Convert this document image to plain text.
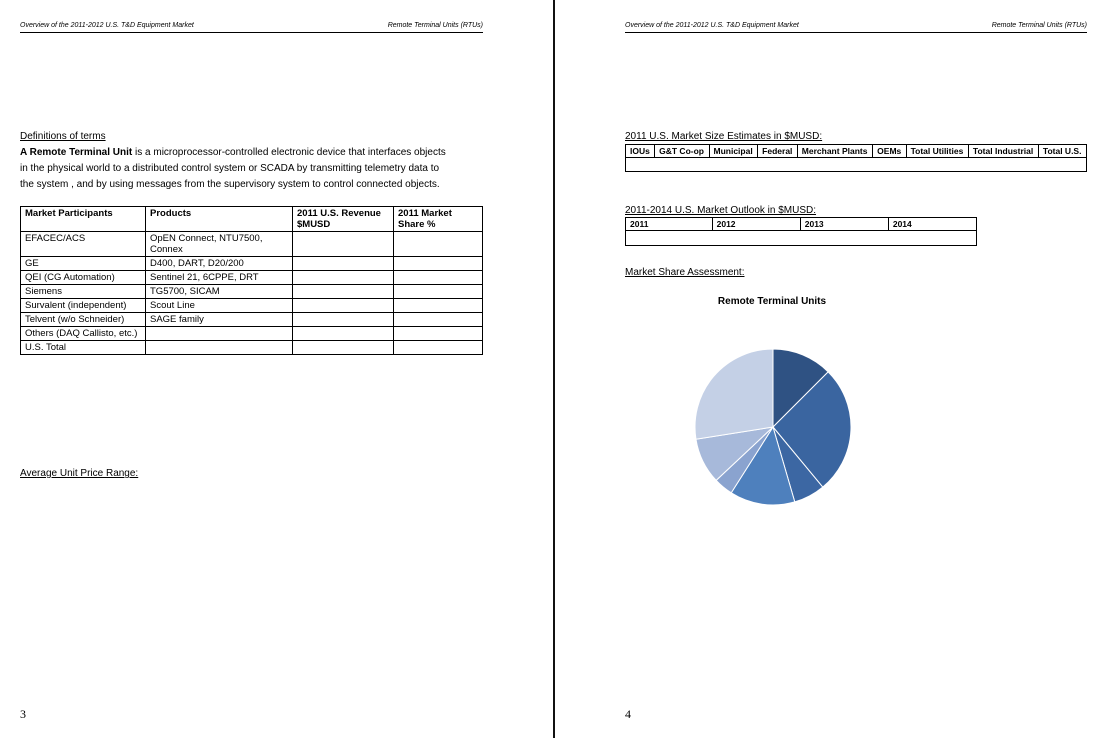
Overview of the 2011-2012 U.S. T&D Equipment Market	Remote Terminal Units (RTUs)
Definitions of terms
A Remote Terminal Unit is a microprocessor-controlled electronic device that interfaces objects
in the physical world to a distributed control system or SCADA by transmitting telemetry data to
the system , and by using messages from the supervisory system to control connected objects.
Market Participants	Products	2011 U.S. Revenue $MUSD	2011 Market Share %
EFACEC/ACS	OpEN Connect, NTU7500, Connex		
GE	D400, DART, D20/200		
QEI (CG Automation)	Sentinel 21, 6CPPE, DRT		
Siemens	TG5700, SICAM		
Survalent (independent)	Scout Line		
Telvent (w/o Schneider)	SAGE family		
Others (DAQ Callisto, etc.)			
U.S. Total			
Average Unit Price Range:
3
Overview of the 2011-2012 U.S. T&D Equipment Market	Remote Terminal Units (RTUs)
2011 U.S. Market Size Estimates in $MUSD:
IOUs	G&T Co-op	Municipal	Federal	Merchant Plants	OEMs	Total Utilities	Total Industrial	Total U.S.

2011-2014 U.S. Market Outlook in $MUSD:
2011	2012	2013	2014

Market Share Assessment:
Remote Terminal Units
4
